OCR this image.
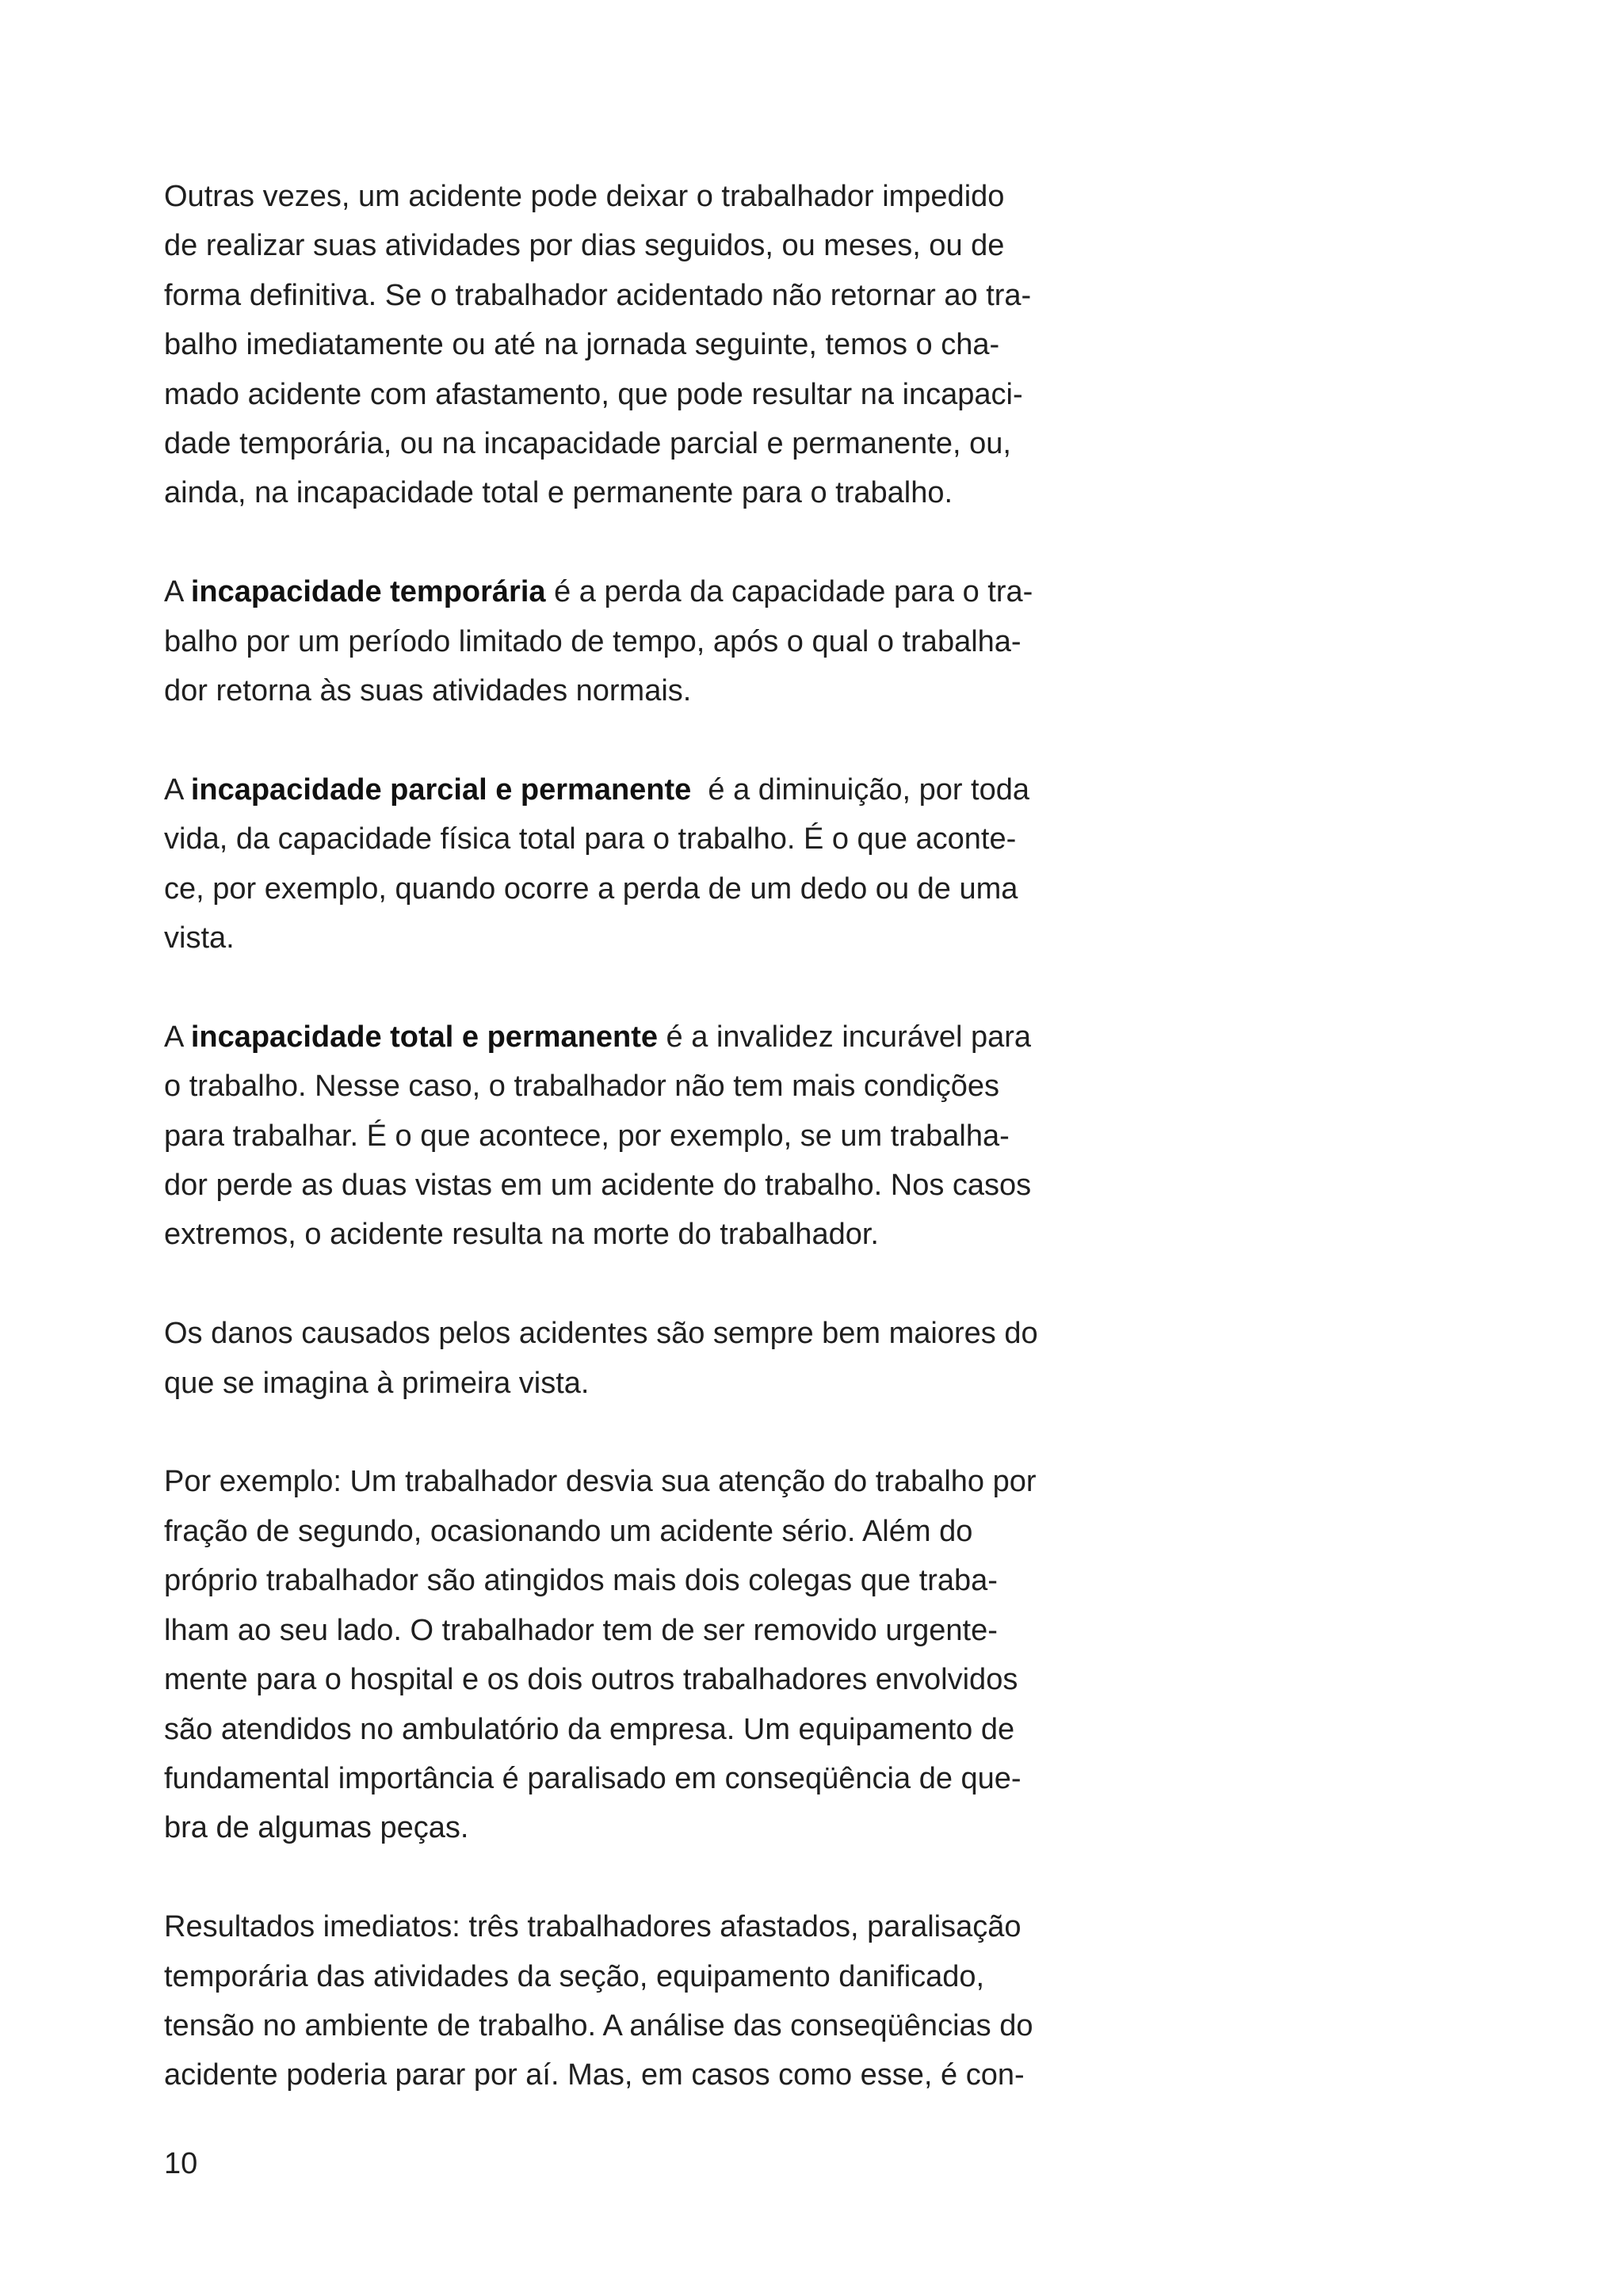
Outras vezes, um acidente pode deixar o trabalhador impedido
de realizar suas atividades por dias seguidos, ou meses, ou de
forma definitiva. Se o trabalhador acidentado não retornar ao tra-
balho imediatamente ou até na jornada seguinte, temos o cha-
mado acidente com afastamento, que pode resultar na incapaci-
dade temporária, ou na incapacidade parcial e permanente, ou,
ainda, na incapacidade total e permanente para o trabalho.

A incapacidade temporária é a perda da capacidade para o tra-
balho por um período limitado de tempo, após o qual o trabalha-
dor retorna às suas atividades normais.

A incapacidade parcial e permanente  é a diminuição, por toda
vida, da capacidade física total para o trabalho. É o que aconte-
ce, por exemplo, quando ocorre a perda de um dedo ou de uma
vista.

A incapacidade total e permanente é a invalidez incurável para
o trabalho. Nesse caso, o trabalhador não tem mais condições
para trabalhar. É o que acontece, por exemplo, se um trabalha-
dor perde as duas vistas em um acidente do trabalho. Nos casos
extremos, o acidente resulta na morte do trabalhador.

Os danos causados pelos acidentes são sempre bem maiores do
que se imagina à primeira vista.

Por exemplo: Um trabalhador desvia sua atenção do trabalho por
fração de segundo, ocasionando um acidente sério. Além do
próprio trabalhador são atingidos mais dois colegas que traba-
lham ao seu lado. O trabalhador tem de ser removido urgente-
mente para o hospital e os dois outros trabalhadores envolvidos
são atendidos no ambulatório da empresa. Um equipamento de
fundamental importância é paralisado em conseqüência de que-
bra de algumas peças.

Resultados imediatos: três trabalhadores afastados, paralisação
temporária das atividades da seção, equipamento danificado,
tensão no ambiente de trabalho. A análise das conseqüências do
acidente poderia parar por aí. Mas, em casos como esse, é con-

10
